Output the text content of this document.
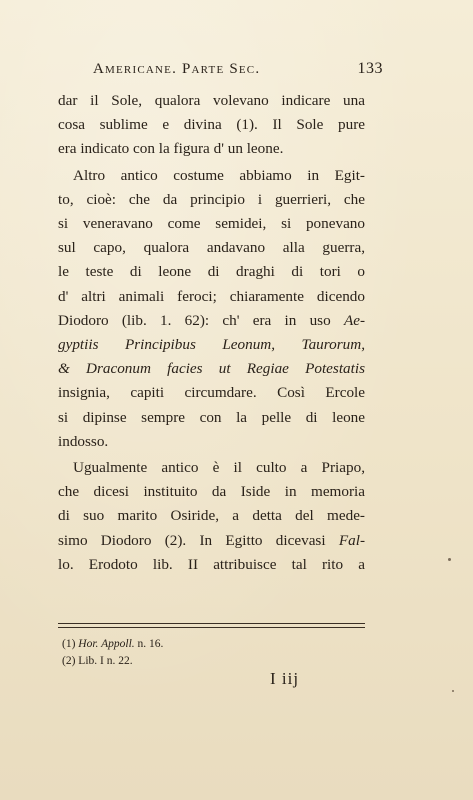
Americane. Parte Sec.	133
dar il Sole, qualora volevano indicare una
cosa sublime e divina (1). Il Sole pure
era indicato con la figura d' un leone.
Altro antico costume abbiamo in Egit-
to, cioè: che da principio i guerrieri, che
si veneravano come semidei, si ponevano
sul capo, qualora andavano alla guerra,
le teste di leone di draghi di tori o
d' altri animali feroci; chiaramente dicendo
Diodoro (lib. 1. 62): ch' era in uso Ae-
gyptiis Principibus Leonum, Taurorum,
& Draconum facies ut Regiae Potestatis
insignia, capiti circumdare. Così Ercole
si dipinse sempre con la pelle di leone
indosso.
Ugualmente antico è il culto a Priapo,
che dicesi instituito da Iside in memoria
di suo marito Osiride, a detta del mede-
simo Diodoro (2). In Egitto dicevasi Fal-
lo. Erodoto lib. II attribuisce tal rito a
(1) Hor. Appoll. n. 16.
(2) Lib. I n. 22.
I iij
